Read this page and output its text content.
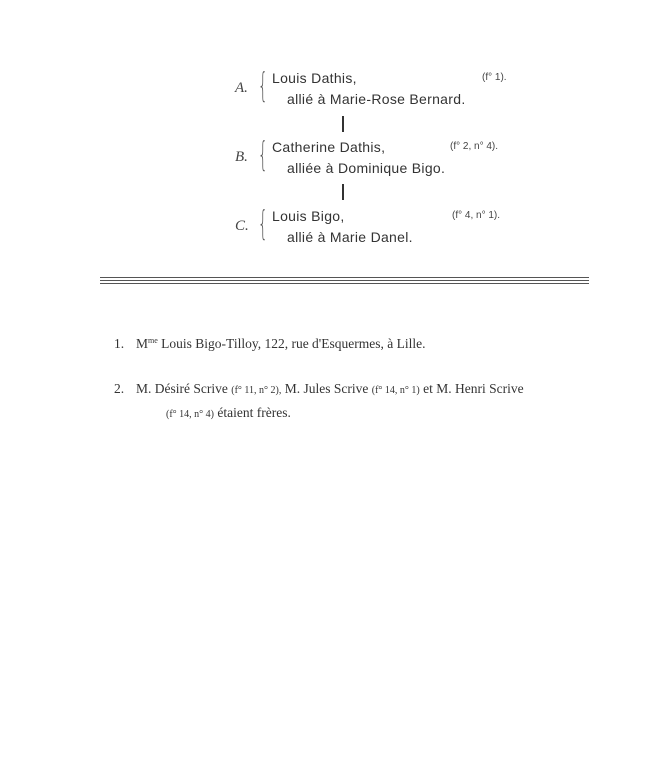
A. { Louis Dathis,
allié à Marie-Rose Bernard.
(f° 1).
B. { Catherine Dathis,
alliée à Dominique Bigo.
(f° 2, n° 4).
C. { Louis Bigo,
allié à Marie Danel.
(f° 4, n° 1).
1. $M^{me}$ Louis Bigo-Tilloy, 122, rue d'Esquermes, à Lille.
2. M. Désiré Scrive (f° 11, n° 2), M. Jules Scrive (f° 14, n° 1) et M. Henri Scrive
(f° 14, n° 4) étaient frères.
